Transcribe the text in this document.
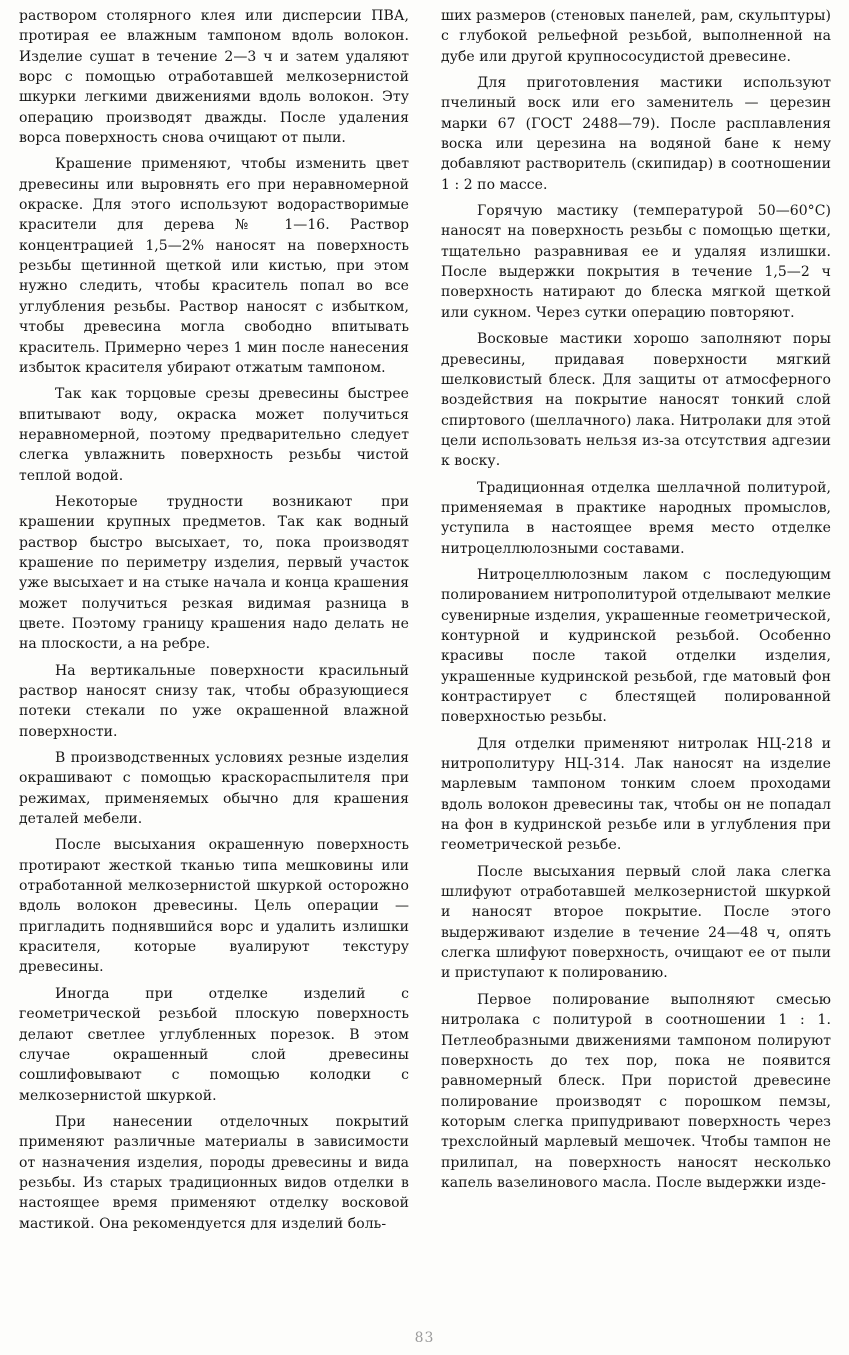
раствором столярного клея или дисперсии ПВА, протирая ее влажным тампоном вдоль волокон. Изделие сушат в течение 2—3 ч и затем удаляют ворс с помощью отработавшей мелкозернистой шкурки легкими движениями вдоль волокон. Эту операцию производят дважды. После удаления ворса поверхность снова очищают от пыли.

Крашение применяют, чтобы изменить цвет древесины или выровнять его при неравномерной окраске. Для этого используют водорастворимые красители для дерева № 1—16. Раствор концентрацией 1,5—2% наносят на поверхность резьбы щетинной щеткой или кистью, при этом нужно следить, чтобы краситель попал во все углубления резьбы. Раствор наносят с избытком, чтобы древесина могла свободно впитывать краситель. Примерно через 1 мин после нанесения избыток красителя убирают отжатым тампоном.

Так как торцовые срезы древесины быстрее впитывают воду, окраска может получиться неравномерной, поэтому предварительно следует слегка увлажнить поверхность резьбы чистой теплой водой.

Некоторые трудности возникают при крашении крупных предметов. Так как водный раствор быстро высыхает, то, пока производят крашение по периметру изделия, первый участок уже высыхает и на стыке начала и конца крашения может получиться резкая видимая разница в цвете. Поэтому границу крашения надо делать не на плоскости, а на ребре.

На вертикальные поверхности красильный раствор наносят снизу так, чтобы образующиеся потеки стекали по уже окрашенной влажной поверхности.

В производственных условиях резные изделия окрашивают с помощью краскораспылителя при режимах, применяемых обычно для крашения деталей мебели.

После высыхания окрашенную поверхность протирают жесткой тканью типа мешковины или отработанной мелкозернистой шкуркой осторожно вдоль волокон древесины. Цель операции — пригладить поднявшийся ворс и удалить излишки красителя, которые вуалируют текстуру древесины.

Иногда при отделке изделий с геометрической резьбой плоскую поверхность делают светлее углубленных порезок. В этом случае окрашенный слой древесины сошлифовывают с помощью колодки с мелкозернистой шкуркой.

При нанесении отделочных покрытий применяют различные материалы в зависимости от назначения изделия, породы древесины и вида резьбы. Из старых традиционных видов отделки в настоящее время применяют отделку восковой мастикой. Она рекомендуется для изделий боль-

ших размеров (стеновых панелей, рам, скульптуры) с глубокой рельефной резьбой, выполненной на дубе или другой крупнососудистой древесине.

Для приготовления мастики используют пчелиный воск или его заменитель — церезин марки 67 (ГОСТ 2488—79). После расплавления воска или церезина на водяной бане к нему добавляют растворитель (скипидар) в соотношении 1 : 2 по массе.

Горячую мастику (температурой 50—60°С) наносят на поверхность резьбы с помощью щетки, тщательно разравнивая ее и удаляя излишки. После выдержки покрытия в течение 1,5—2 ч поверхность натирают до блеска мягкой щеткой или сукном. Через сутки операцию повторяют.

Восковые мастики хорошо заполняют поры древесины, придавая поверхности мягкий шелковистый блеск. Для защиты от атмосферного воздействия на покрытие наносят тонкий слой спиртового (шеллачного) лака. Нитролаки для этой цели использовать нельзя из-за отсутствия адгезии к воску.

Традиционная отделка шеллачной политурой, применяемая в практике народных промыслов, уступила в настоящее время место отделке нитроцеллюлозными составами.

Нитроцеллюлозным лаком с последующим полированием нитрополитурой отделывают мелкие сувенирные изделия, украшенные геометрической, контурной и кудринской резьбой. Особенно красивы после такой отделки изделия, украшенные кудринской резьбой, где матовый фон контрастирует с блестящей полированной поверхностью резьбы.

Для отделки применяют нитролак НЦ-218 и нитрополитуру НЦ-314. Лак наносят на изделие марлевым тампоном тонким слоем проходами вдоль волокон древесины так, чтобы он не попадал на фон в кудринской резьбе или в углубления при геометрической резьбе.

После высыхания первый слой лака слегка шлифуют отработавшей мелкозернистой шкуркой и наносят второе покрытие. После этого выдерживают изделие в течение 24—48 ч, опять слегка шлифуют поверхность, очищают ее от пыли и приступают к полированию.

Первое полирование выполняют смесью нитролака с политурой в соотношении 1 : 1. Петлеобразными движениями тампоном полируют поверхность до тех пор, пока не появится равномерный блеск. При пористой древесине полирование производят с порошком пемзы, которым слегка припудривают поверхность через трехслойный марлевый мешочек. Чтобы тампон не прилипал, на поверхность наносят несколько капель вазелинового масла. После выдержки изде-

83
